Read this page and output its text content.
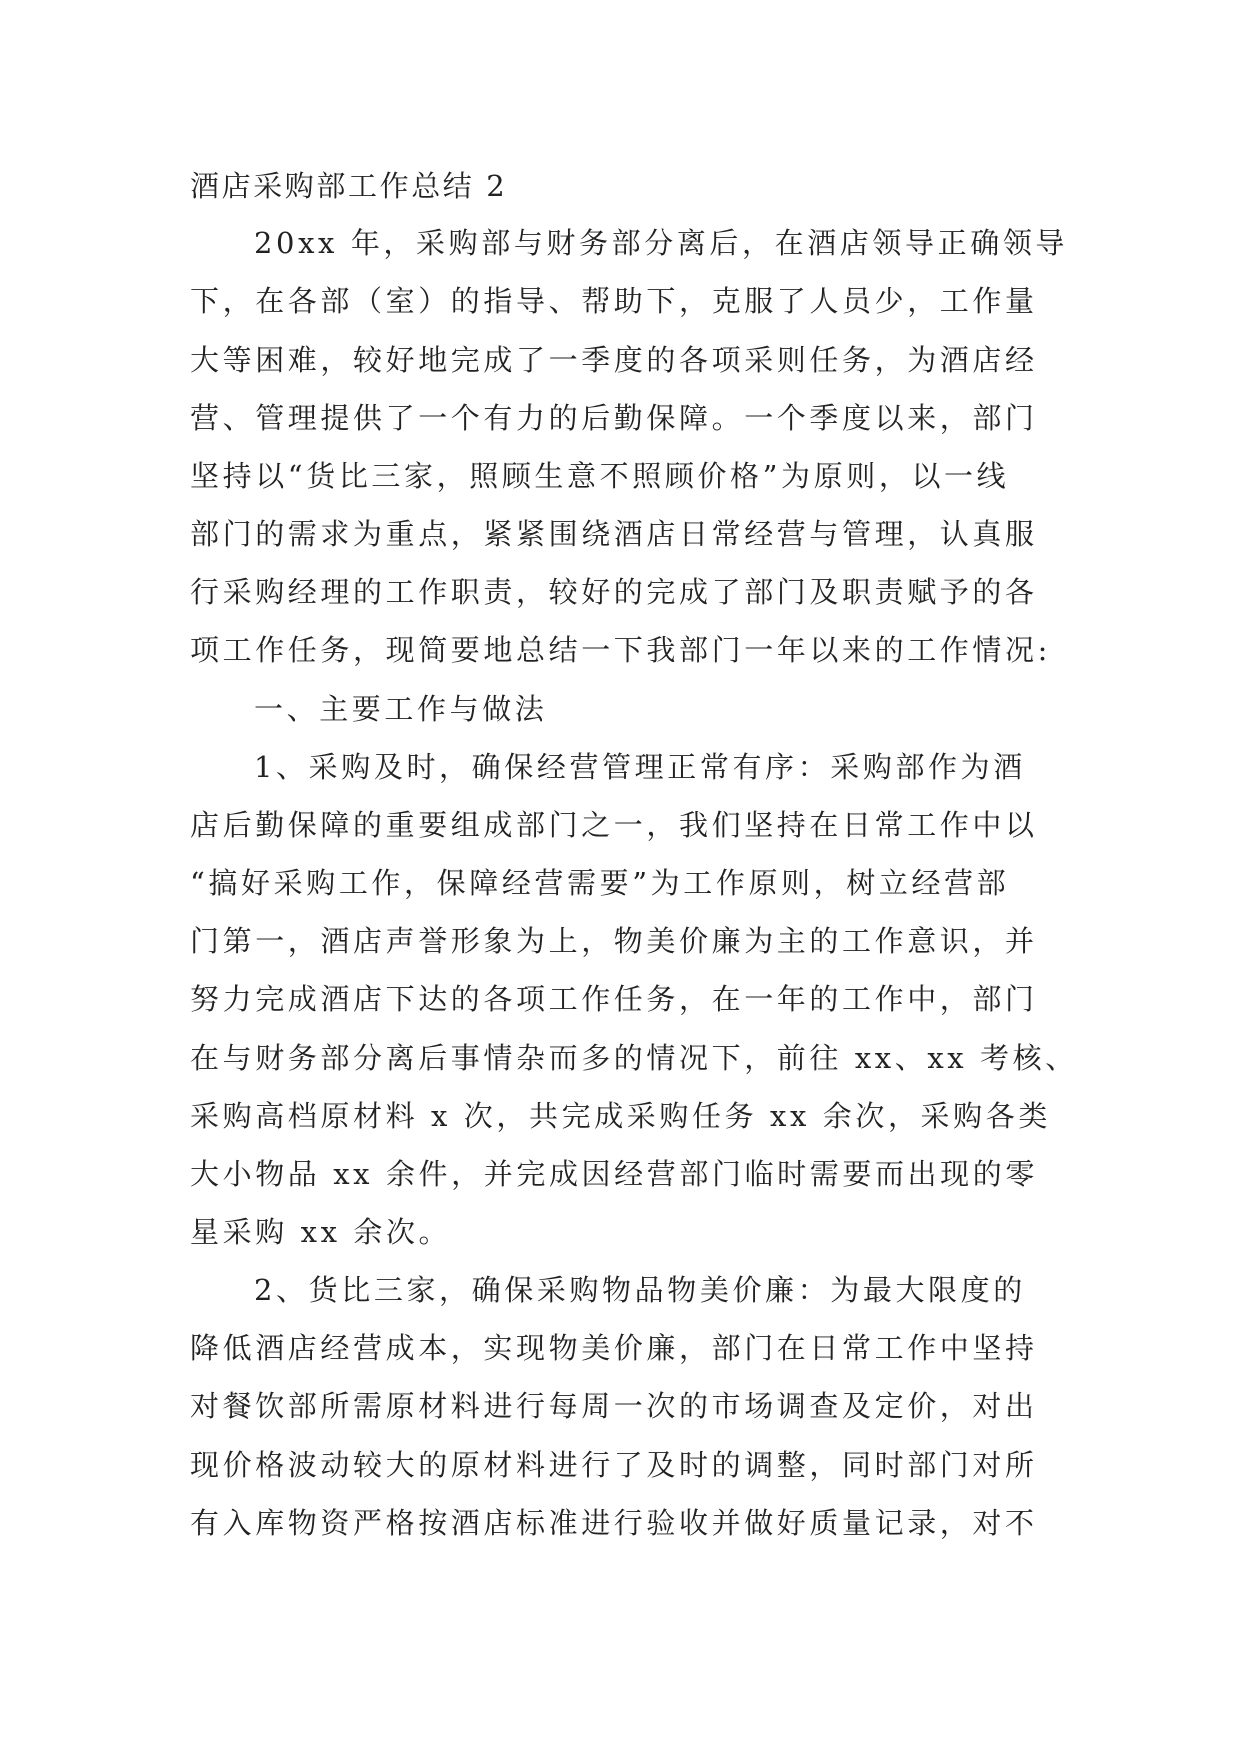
酒店采购部工作总结 2
20xx 年，采购部与财务部分离后，在酒店领导正确领导
下，在各部（室）的指导、帮助下，克服了人员少，工作量
大等困难，较好地完成了一季度的各项采则任务，为酒店经
营、管理提供了一个有力的后勤保障。一个季度以来，部门
坚持以“货比三家，照顾生意不照顾价格”为原则，以一线
部门的需求为重点，紧紧围绕酒店日常经营与管理，认真服
行采购经理的工作职责，较好的完成了部门及职责赋予的各
项工作任务，现简要地总结一下我部门一年以来的工作情况:
一、主要工作与做法
1、采购及时，确保经营管理正常有序：采购部作为酒
店后勤保障的重要组成部门之一，我们坚持在日常工作中以
“搞好采购工作，保障经营需要”为工作原则，树立经营部
门第一，酒店声誉形象为上，物美价廉为主的工作意识，并
努力完成酒店下达的各项工作任务，在一年的工作中，部门
在与财务部分离后事情杂而多的情况下，前往 xx、xx 考核、
采购高档原材料 x 次，共完成采购任务 xx 余次，采购各类
大小物品 xx 余件，并完成因经营部门临时需要而出现的零
星采购 xx 余次。
2、货比三家，确保采购物品物美价廉：为最大限度的
降低酒店经营成本，实现物美价廉，部门在日常工作中坚持
对餐饮部所需原材料进行每周一次的市场调查及定价，对出
现价格波动较大的原材料进行了及时的调整，同时部门对所
有入库物资严格按酒店标准进行验收并做好质量记录，对不
